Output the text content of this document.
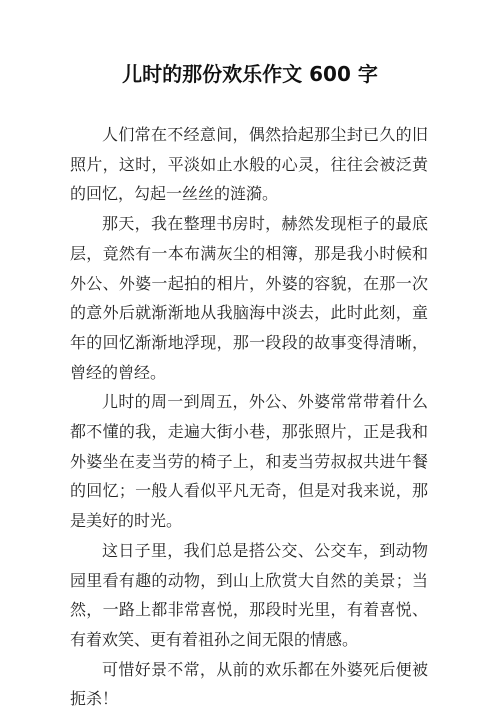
儿时的那份欢乐作文 600 字

人们常在不经意间，偶然拾起那尘封已久的旧照片，这时，平淡如止水般的心灵，往往会被泛黄的回忆，勾起一丝丝的涟漪。

那天，我在整理书房时，赫然发现柜子的最底层，竟然有一本布满灰尘的相簿，那是我小时候和外公、外婆一起拍的相片，外婆的容貌，在那一次的意外后就渐渐地从我脑海中淡去，此时此刻，童年的回忆渐渐地浮现，那一段段的故事变得清晰，曾经的曾经。

儿时的周一到周五，外公、外婆常常带着什么都不懂的我，走遍大街小巷，那张照片，正是我和外婆坐在麦当劳的椅子上，和麦当劳叔叔共进午餐的回忆；一般人看似平凡无奇，但是对我来说，那是美好的时光。

这日子里，我们总是搭公交、公交车，到动物园里看有趣的动物，到山上欣赏大自然的美景；当然，一路上都非常喜悦，那段时光里，有着喜悦、有着欢笑、更有着祖孙之间无限的情感。

可惜好景不常，从前的欢乐都在外婆死后便被扼杀！
